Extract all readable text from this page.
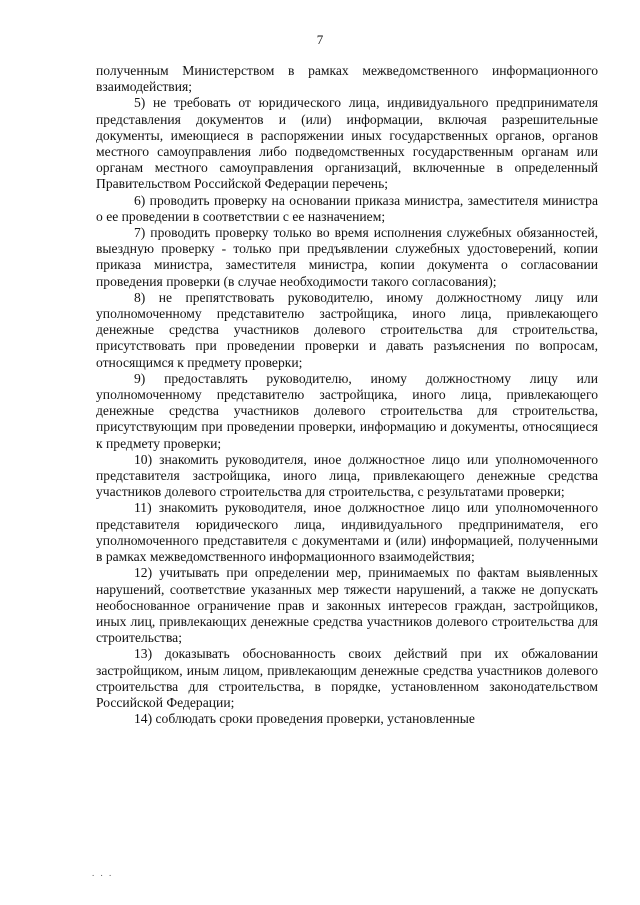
7

полученным Министерством в рамках межведомственного информационного взаимодействия;

5) не требовать от юридического лица, индивидуального предпринимателя представления документов и (или) информации, включая разрешительные документы, имеющиеся в распоряжении иных государственных органов, органов местного самоуправления либо подведомственных государственным органам или органам местного самоуправления организаций, включенные в определенный Правительством Российской Федерации перечень;

6) проводить проверку на основании приказа министра, заместителя министра о ее проведении в соответствии с ее назначением;

7) проводить проверку только во время исполнения служебных обязанностей, выездную проверку - только при предъявлении служебных удостоверений, копии приказа министра, заместителя министра, копии документа о согласовании проведения проверки (в случае необходимости такого согласования);

8) не препятствовать руководителю, иному должностному лицу или уполномоченному представителю застройщика, иного лица, привлекающего денежные средства участников долевого строительства для строительства, присутствовать при проведении проверки и давать разъяснения по вопросам, относящимся к предмету проверки;

9) предоставлять руководителю, иному должностному лицу или уполномоченному представителю застройщика, иного лица, привлекающего денежные средства участников долевого строительства для строительства, присутствующим при проведении проверки, информацию и документы, относящиеся к предмету проверки;

10) знакомить руководителя, иное должностное лицо или уполномоченного представителя застройщика, иного лица, привлекающего денежные средства участников долевого строительства для строительства, с результатами проверки;

11) знакомить руководителя, иное должностное лицо или уполномоченного представителя юридического лица, индивидуального предпринимателя, его уполномоченного представителя с документами и (или) информацией, полученными в рамках межведомственного информационного взаимодействия;

12) учитывать при определении мер, принимаемых по фактам выявленных нарушений, соответствие указанных мер тяжести нарушений, а также не допускать необоснованное ограничение прав и законных интересов граждан, застройщиков, иных лиц, привлекающих денежные средства участников долевого строительства для строительства;

13) доказывать обоснованность своих действий при их обжаловании застройщиком, иным лицом, привлекающим денежные средства участников долевого строительства для строительства, в порядке, установленном законодательством Российской Федерации;

14) соблюдать сроки проведения проверки, установленные

. . .
